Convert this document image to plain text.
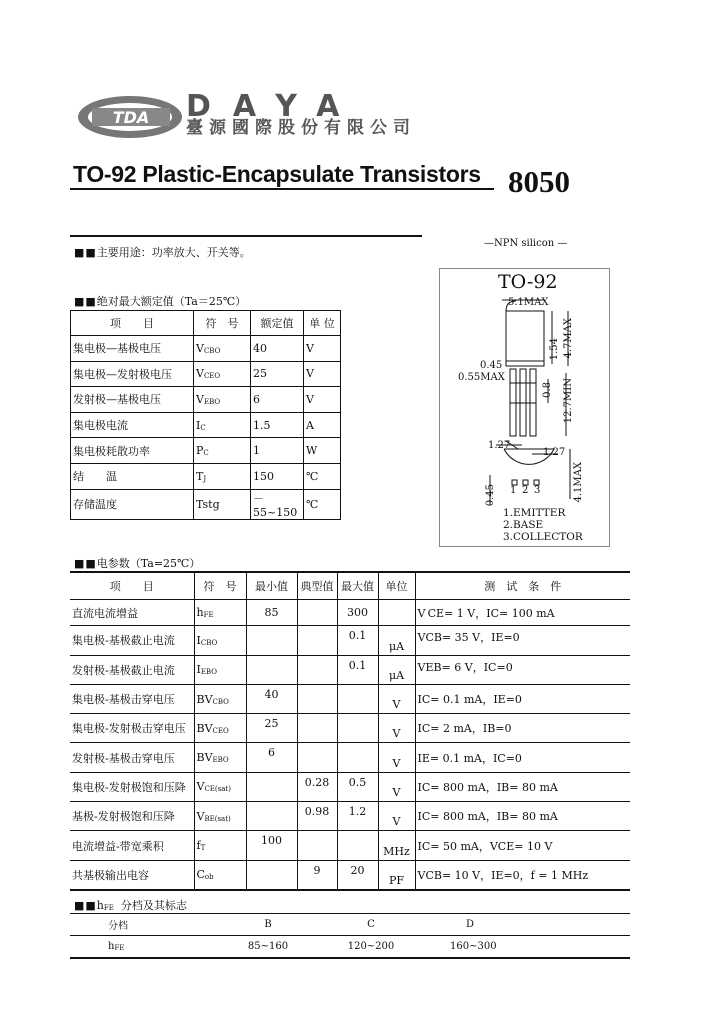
TDA DAYA
臺源國際股份有限公司
TO-92 Plastic-Encapsulate Transistors 8050
■■主要用途：功率放大、开关等。
—NPN silicon —
TO-92
5.1MAX
4.7MAX
1.54
0.45
0.55MAX
0.8 12.7MIN
1.27
1.27
4.1MAX
0.45 1 2 3
1.EMITTER
2.BASE
3.COLLECTOR
■■绝对最大额定值（Ta＝25℃）
项　　目	符　号	额定值	单 位
集电极—基极电压	$V_{CBO}$	40	V
集电极—发射极电压	$V_{CEO}$	25	V
发射极—基极电压	$V_{EBO}$	6	V
集电极电流	$I_C$	1.5	A
集电极耗散功率	$P_C$	1	W
结　　温	$T_J$	150	℃
存储温度	Tstg	－55~150	℃
■■电参数（Ta=25℃）
项　　目	符　号	最小值	典型值	最大值	单位	测　试　条　件
直流电流增益	$h_{FE}$	85		300		V CE= 1 V，IC= 100 mA
集电极-基极截止电流	$I_{CBO}$			0.1	μA	VCB= 35 V，IE=0
发射极-基极截止电流	$I_{EBO}$			0.1	μA	VEB= 6 V，IC=0
集电极-基极击穿电压	$BV_{CBO}$	40			V	IC= 0.1 mA，IE=0
集电极-发射极击穿电压	$BV_{CEO}$	25			V	IC= 2 mA，IB=0
发射极-基极击穿电压	$BV_{EBO}$	6			V	IE= 0.1 mA，IC=0
集电极-发射极饱和压降	$V_{CE(sat)}$		0.28	0.5	V	IC= 800 mA，IB= 80 mA
基极-发射极饱和压降	$V_{BE(sat)}$		0.98	1.2	V	IC= 800 mA，IB= 80 mA
电流增益-带宽乘积	$f_T$	100			MHz	IC= 50 mA，VCE= 10 V
共基极输出电容	$C_{ob}$		9	20	PF	VCB= 10 V，IE=0，f = 1 MHz
$■■h_{FE}$ 分档及其标志
分档	B	C	D
$h_{FE}$	85~160	120~200	160~300
